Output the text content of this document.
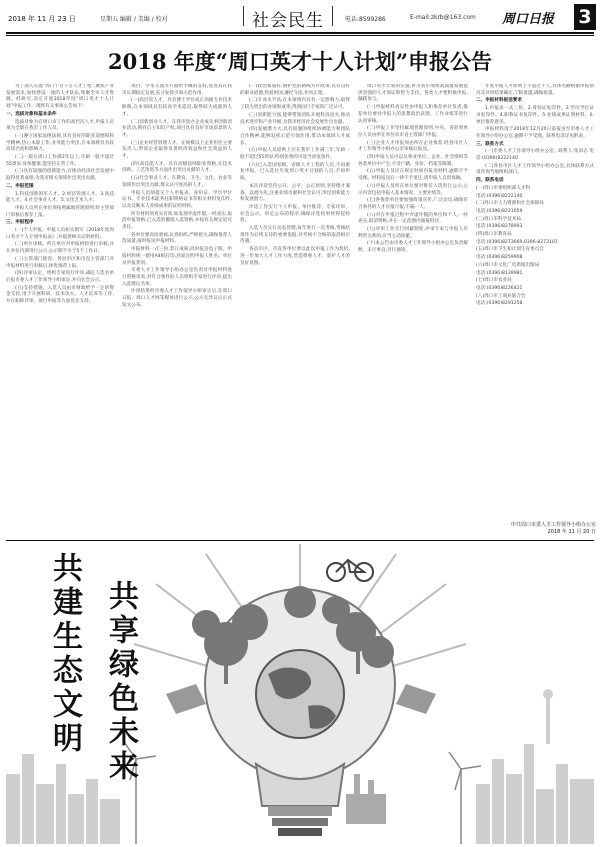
2018 年 11 月 23 日	星期五 编辑 / 美编 / 校对	社会民生	电话:8599286	E-mail:zkrb@163.com 周口日报 3
2018 年度“周口英才十人计划”申报公告

为了深入实施“周口十百千万人才工程”,聚焦产业发展需求,加快建设一流的人才队伍,集聚全市人才资源。经研究,决定开展2018年度“周口英才十人计划”申报工作。现将有关事项公告如下:

一、选拔对象和基本条件

选拔对象为在周口市工作的高层次人才,申报人员须为全职在我市工作人员。

(一)遵守国家法律法规,具有良好的职业道德和科学精神,热心本职工作,业务能力突出,在本领域具有较高知名度和影响力。

(二)一般在周口工作满3年以上,年龄一般不超过55周岁,身体健康,能坚持正常工作。

(三)具有较强的创新能力,在推动经济社会发展中取得显著成绩,为我市相关领域作出突出贡献。

二、申报范围

1.科技创新领军人才。2.经济管理人才。3.高技能人才。4.社会事业人才。5.文化艺术人才。

申报人员所在单位须按照属地管理原则,经主管部门审核后推荐上报。

三、申报程序

(一)个人申报。申报人员如实填写《2018年度周口英才十人计划申报表》,并提供相关证明材料。

(二)单位审核。所在单位对申报材料进行审核,并在单位内部进行公示,公示期不少于5个工作日。

(三)主管部门推荐。各县市区和市直主管部门对申报材料进行审核后,择优推荐上报。

(四)评审认定。组织专家进行评审,确定人选名单后报市委人才工作领导小组审定,并向社会公示。

(五)支持措施。入选人员由市财政给予一定的资金支持,用于开展科研、技术攻关、人才培养等工作,并在职称评审、项目申报等方面优先支持。

项目、学术交流等方面给予倾斜支持,促进其在我市长期稳定发展,充分发挥引领示范作用。

(一)高层次人才。具有博士学位或正高级专业技术职称,在本领域具有较高学术造诣,取得较大成就的人才。

(二)创新创业人才。在我市创办企业或从事创新创业活动,拥有自主知识产权,项目具有良好市场前景的人才。

(三)企业经营管理人才。在规模以上企业担任主要负责人,带领企业取得显著经济效益和社会效益的人才。

(四)高技能人才。具有高级技师职业资格,在技术创新、工艺改进等方面作出突出贡献的人才。

(五)社会事业人才。在教育、卫生、文化、农业等领域作出突出贡献,群众认可度高的人才。

申报人员须提交个人申报表、身份证、学历学位证书、专业技术职务任职资格证书等相关材料复印件,以及反映本人业绩成果的证明材料。

所有材料须真实有效,如发现弄虚作假,一经查实,取消申报资格,已入选的撤销入选资格,并按有关规定追究责任。

各单位要高度重视,认真组织,严格把关,确保推荐人选质量,按时报送申报材料。

申报材料一式三份,装订成册,同时报送电子版。申报材料统一使用A4纸打印,封面注明申报人姓名、单位及申报类别。

市委人才工作领导小组办公室负责对申报材料进行资格审查,对符合条件的人员组织专家进行评审,提出入选建议名单。

评审结果经市委人才工作领导小组审定后,在周口日报、周口人才网等媒体进行公示,公示无异议后正式发文公布。

(一)政治素质好,拥护党的路线方针政策,具有良好的职业道德,热爱祖国,遵纪守法,作风正派。

(二)专业水平高,在本领域内具有一定影响力,取得了较为突出的业绩和成果,得到同行专家的广泛认可。

(三)创新能力强,能够带领团队开展科技攻关,推动技术进步和产业升级,为我市经济社会发展作出贡献。

(四)发展潜力大,具有较强的组织协调能力和团队合作精神,能够发挥示范引领作用,带动本领域人才成长。

(五)申报人员原则上应在我市工作满三年,年龄一般不超过55周岁,特别优秀的可适当放宽条件。

(六)已入选国家级、省级人才工程的人员,不再重复申报。已入选往年度周口英才计划的人员,不再申报。

本次评选坚持公开、公平、公正原则,坚持德才兼备、以德为先,注重业绩贡献和社会认可,突出创新能力和发展潜力。

评选工作实行个人申报、单位推荐、专家评审、社会公示、审定公布的程序,确保评选结果经得起检验。

入选人员实行动态管理,每年进行一次考核,考核结果作为后续支持的重要依据,对考核不合格的取消相应待遇。

各县市区、市直各单位要以此次申报工作为契机,进一步加大人才工作力度,营造尊重人才、爱护人才的良好氛围。

周口英才计划的实施,将为我市加快高质量发展提供坚强的人才保证和智力支持。各类人才要积极申报,踊跃参与。

(一)申报材料真实性由申报人和推荐单位负责,推荐单位要对申报人的思想政治表现、工作业绩等进行认真审核。

(二)申报工作坚持属地管理原则,中央、省驻周单位人员由所在单位向市直主管部门申报。

(三)企业人才申报须由所在企业推荐,经县市区人才工作领导小组办公室审核后报送。

(四)申报人员可以从事业单位、企业、社会组织等各类单位中产生,不受户籍、身份、档案等限制。

(五)申报人员应在规定时间内报送材料,逾期不予受理。材料报送后一律不予退还,请申报人自留底稿。

(六)申报人员所在单位要对推荐人选进行公示,公示内容包括申报人基本情况、主要业绩等。

(七)各推荐单位要加强政策宣传,广泛动员,确保符合条件的人才应报尽报,不漏一人。

(八)对在申报过程中弄虚作假的单位和个人,一经查实,取消资格,并在一定范围内通报批评。

(九)评审工作实行回避制度,评审专家与申报人有利害关系的,应当主动回避。

(十)本公告由市委人才工作领导小组办公室负责解释。未尽事宜,另行通知。

年度申报人才原则上不超过十人,具体名额根据申报情况及评审结果确定,宁缺毋滥,确保质量。

二、申报材料报送要求

1.申报表一式三份。2.身份证复印件。3.学历学位证书复印件。4.职称证书复印件。5.业绩成果证明材料。6.单位推荐意见。

申报材料请于2018年12月20日前报送至市委人才工作领导小组办公室,逾期不予受理。联系电话详见附表。

三、联系方式

(一)市委人才工作领导小组办公室。联系人:张同志 电话:(0396)8222140

(二)各县市区人才工作领导小组办公室,具体联系方式请咨询当地组织部门。

四、联系电话

(一)周口市委组织部人才科

电话:(0396)8222140

(二)周口市人力资源和社会保障局

电话:(0396)8221059

(三)周口市科学技术局

电话:(0396)8278903

(四)周口市教育局

电话:(0396)8273669,0396-8273107

(五)周口市卫生和计划生育委员会

电话:(0396)8259908

(六)周口市文化广电新闻出版局

电话:(0396)8139981

(七)周口市农业局

电话:(0396)8226421

(八)周口市工商业联合会

电话:(0396)8291258

中共周口市委人才工作领导小组办公室
2018 年 11 月 20 日
共建生态文明 共享绿色未来
